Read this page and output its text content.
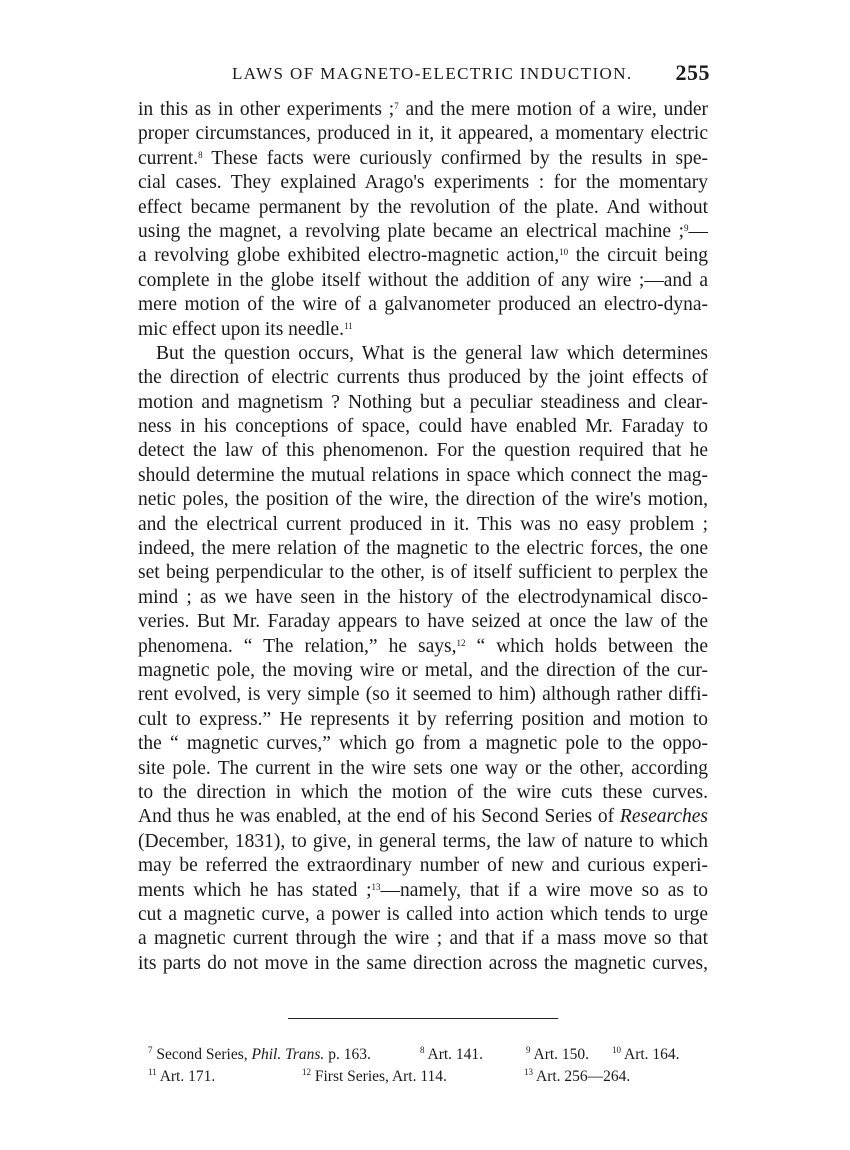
LAWS OF MAGNETO-ELECTRIC INDUCTION. 255
in this as in other experiments ;$^7$ and the mere motion of a wire, under
proper circumstances, produced in it, it appeared, a momentary electric
current.$^8$ These facts were curiously confirmed by the results in spe-
cial cases. They explained Arago's experiments : for the momentary
effect became permanent by the revolution of the plate. And without
using the magnet, a revolving plate became an electrical machine ;$^9$—
a revolving globe exhibited electro-magnetic action,$^{10}$ the circuit being
complete in the globe itself without the addition of any wire ;—and a
mere motion of the wire of a galvanometer produced an electro-dyna-
mic effect upon its needle.$^{11}$
But the question occurs, What is the general law which determines
the direction of electric currents thus produced by the joint effects of
motion and magnetism ? Nothing but a peculiar steadiness and clear-
ness in his conceptions of space, could have enabled Mr. Faraday to
detect the law of this phenomenon. For the question required that he
should determine the mutual relations in space which connect the mag-
netic poles, the position of the wire, the direction of the wire's motion,
and the electrical current produced in it. This was no easy problem ;
indeed, the mere relation of the magnetic to the electric forces, the one
set being perpendicular to the other, is of itself sufficient to perplex the
mind ; as we have seen in the history of the electrodynamical disco-
veries. But Mr. Faraday appears to have seized at once the law of the
phenomena. “ The relation,” he says,$^{12}$ “ which holds between the
magnetic pole, the moving wire or metal, and the direction of the cur-
rent evolved, is very simple (so it seemed to him) although rather diffi-
cult to express.” He represents it by referring position and motion to
the “ magnetic curves,” which go from a magnetic pole to the oppo-
site pole. The current in the wire sets one way or the other, according
to the direction in which the motion of the wire cuts these curves.
And thus he was enabled, at the end of his Second Series of Researches
(December, 1831), to give, in general terms, the law of nature to which
may be referred the extraordinary number of new and curious experi-
ments which he has stated ;$^{13}$—namely, that if a wire move so as to
cut a magnetic curve, a power is called into action which tends to urge
a magnetic current through the wire ; and that if a mass move so that
its parts do not move in the same direction across the magnetic curves,
$^7$ Second Series, Phil. Trans. p. 163.	$^8$ Art. 141.	$^9$ Art. 150.	$^{10}$ Art. 164.
$^{11}$ Art. 171.	$^{12}$ First Series, Art. 114.	$^{13}$ Art. 256—264.
